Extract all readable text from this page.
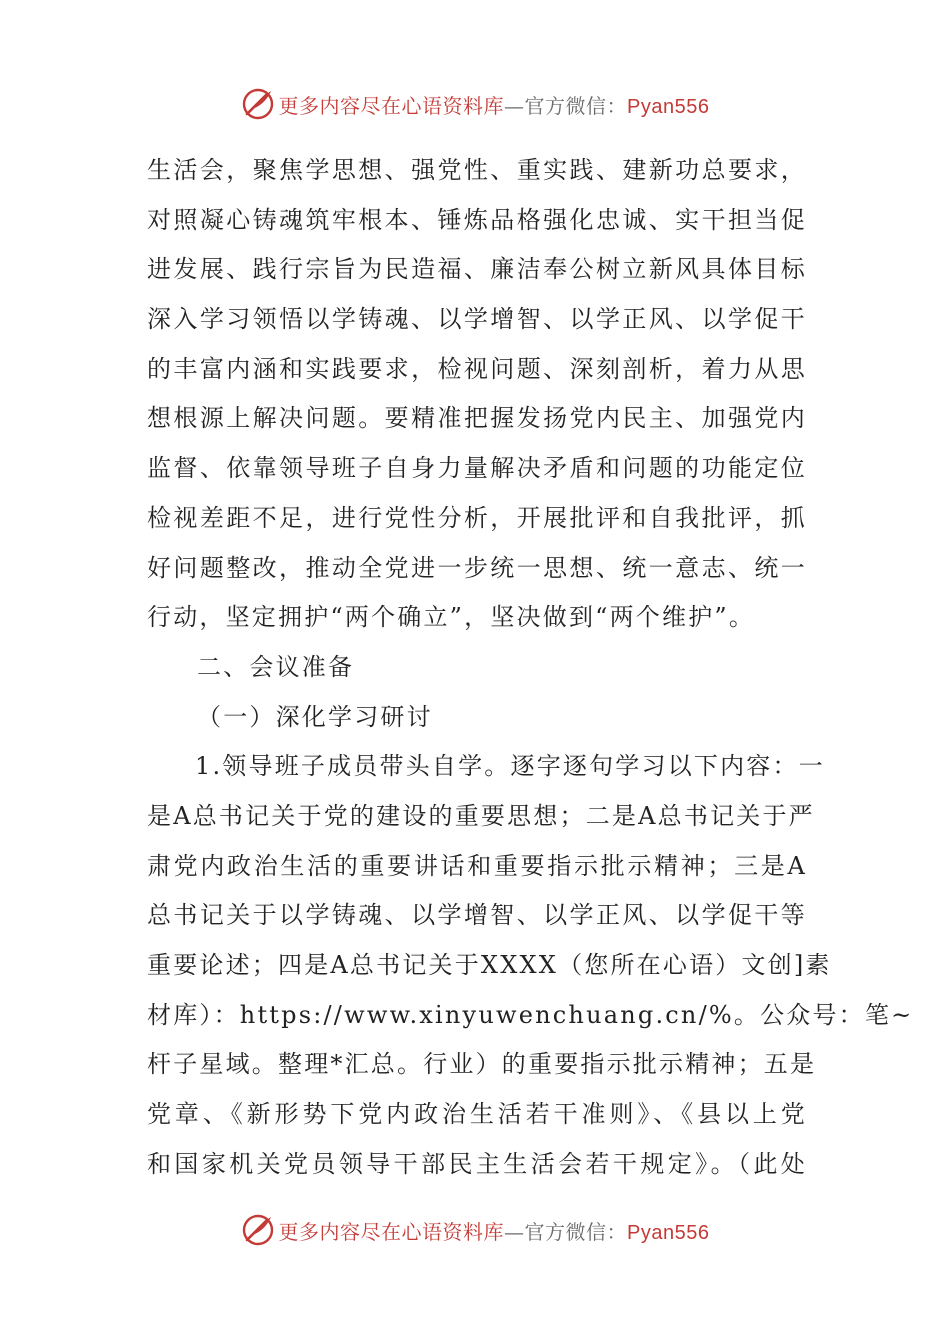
更多内容尽在心语资料库—官方微信：Pyan556
生活会，聚焦学思想、强党性、重实践、建新功总要求，
对照凝心铸魂筑牢根本、锤炼品格强化忠诚、实干担当促
进发展、践行宗旨为民造福、廉洁奉公树立新风具体目标
深入学习领悟以学铸魂、以学增智、以学正风、以学促干
的丰富内涵和实践要求，检视问题、深刻剖析，着力从思
想根源上解决问题。要精准把握发扬党内民主、加强党内
监督、依靠领导班子自身力量解决矛盾和问题的功能定位
检视差距不足，进行党性分析，开展批评和自我批评，抓
好问题整改，推动全党进一步统一思想、统一意志、统一
行动，坚定拥护“两个确立”，坚决做到“两个维护”。
二、会议准备
（一）深化学习研讨
1.领导班子成员带头自学。逐字逐句学习以下内容：一
是A总书记关于党的建设的重要思想；二是A总书记关于严
肃党内政治生活的重要讲话和重要指示批示精神；三是A
总书记关于以学铸魂、以学增智、以学正风、以学促干等
重要论述；四是A总书记关于XXXX（您所在心语）文创]素
材库）：https://www.xinyuwenchuang.cn/%。公众号：笔~
杆子星域。整理*汇总。行业）的重要指示批示精神；五是
党章、《新形势下党内政治生活若干准则》、《县以上党
和国家机关党员领导干部民主生活会若干规定》。（此处
更多内容尽在心语资料库—官方微信：Pyan556
